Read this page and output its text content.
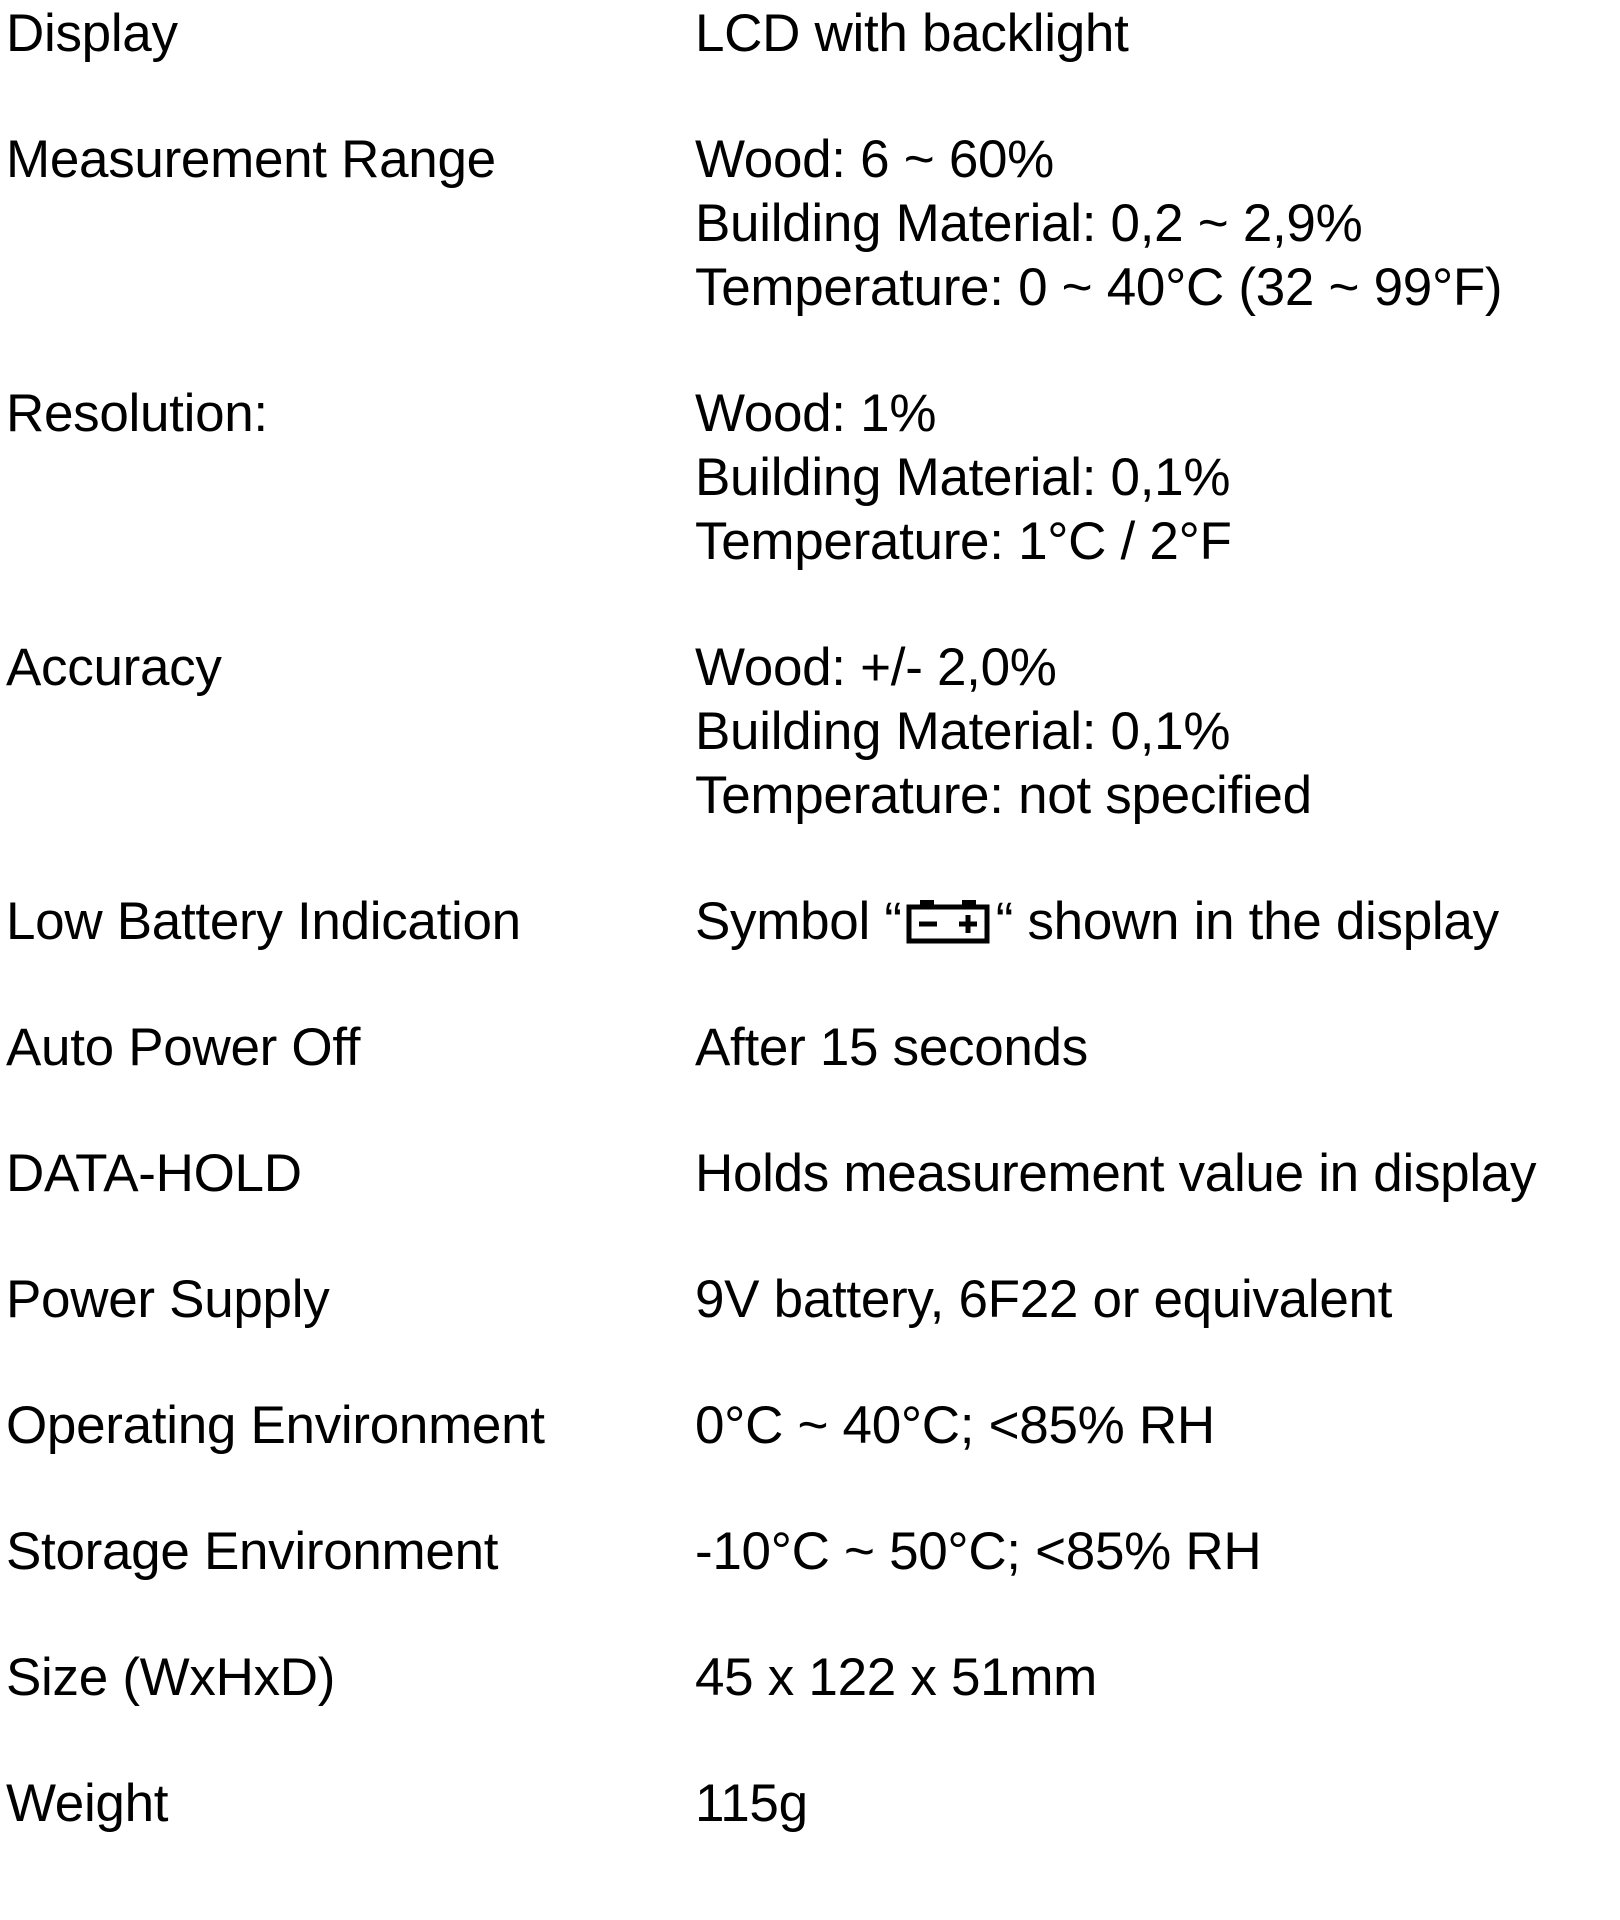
Display	LCD with backlight
Measurement Range	Wood: 6 ~ 60%
Building Material: 0,2 ~ 2,9%
Temperature: 0 ~ 40°C (32 ~ 99°F)
Resolution:	Wood: 1%
Building Material: 0,1%
Temperature: 1°C / 2°F
Accuracy	Wood: +/- 2,0%
Building Material: 0,1%
Temperature: not specified
Low Battery Indication	Symbol “ “ shown in the display
Auto Power Off	After 15 seconds
DATA-HOLD	Holds measurement value in display
Power Supply	9V battery, 6F22 or equivalent
Operating Environment	0°C ~ 40°C; <85% RH
Storage Environment	-10°C ~ 50°C; <85% RH
Size (WxHxD)	45 x 122 x 51mm
Weight	115g
